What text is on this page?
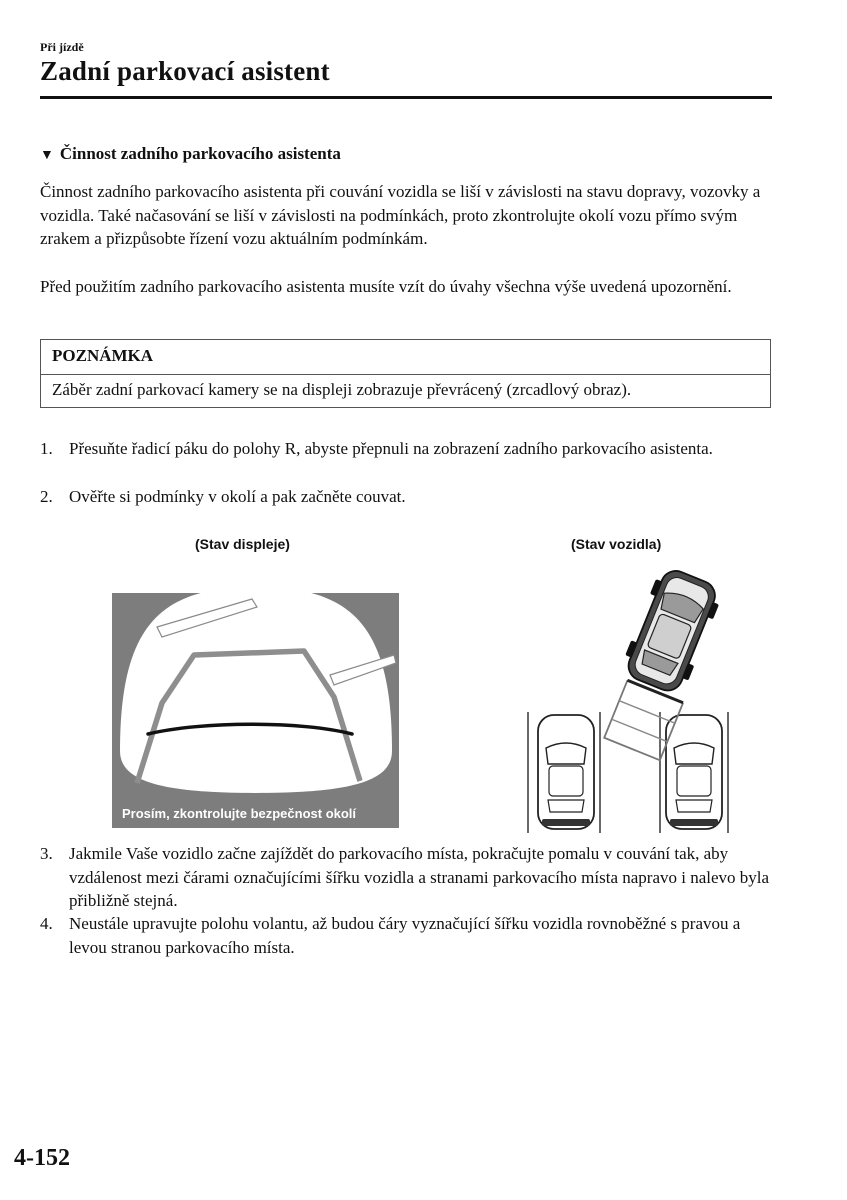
Při jízdě
Zadní parkovací asistent
▼ Činnost zadního parkovacího asistenta
Činnost zadního parkovacího asistenta při couvání vozidla se liší v závislosti na stavu dopravy, vozovky a vozidla. Také načasování se liší v závislosti na podmínkách, proto zkontrolujte okolí vozu přímo svým zrakem a přizpůsobte řízení vozu aktuálním podmínkám.
Před použitím zadního parkovacího asistenta musíte vzít do úvahy všechna výše uvedená upozornění.
POZNÁMKA
Záběr zadní parkovací kamery se na displeji zobrazuje převrácený (zrcadlový obraz).
1. Přesuňte řadicí páku do polohy R, abyste přepnuli na zobrazení zadního parkovacího asistenta.
2. Ověřte si podmínky v okolí a pak začněte couvat.
(Stav displeje)	(Stav vozidla)
Prosím, zkontrolujte bezpečnost okolí
3. Jakmile Vaše vozidlo začne zajíždět do parkovacího místa, pokračujte pomalu v couvání tak, aby vzdálenost mezi čárami označujícími šířku vozidla a stranami parkovacího místa napravo i nalevo byla přibližně stejná.
4. Neustále upravujte polohu volantu, až budou čáry vyznačující šířku vozidla rovnoběžné s pravou a levou stranou parkovacího místa.
4-152
